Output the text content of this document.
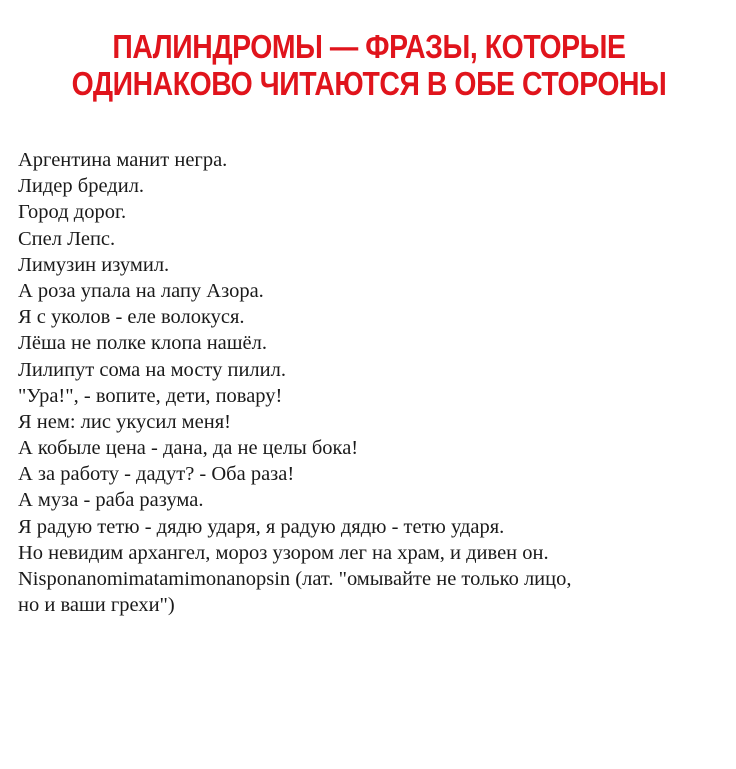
ПАЛИНДРОМЫ — ФРАЗЫ, КОТОРЫЕ
ОДИНАКОВО ЧИТАЮТСЯ В ОБЕ СТОРОНЫ
Аргентина манит негра.
Лидер бредил.
Город дорог.
Спел Лепс.
Лимузин изумил.
А роза упала на лапу Азора.
Я с уколов - еле волокуся.
Лёша не полке клопа нашёл.
Лилипут сома на мосту пилил.
"Ура!", - вопите, дети, повару!
Я нем: лис укусил меня!
А кобыле цена - дана, да не целы бока!
А за работу - дадут? - Оба раза!
А муза - раба разума.
Я радую тетю - дядю ударя, я радую дядю - тетю ударя.
Но невидим архангел, мороз узором лег на храм, и дивен он.
Nisponanomimatamimonanopsin (лат. "омывайте не только лицо,
но и ваши грехи")
